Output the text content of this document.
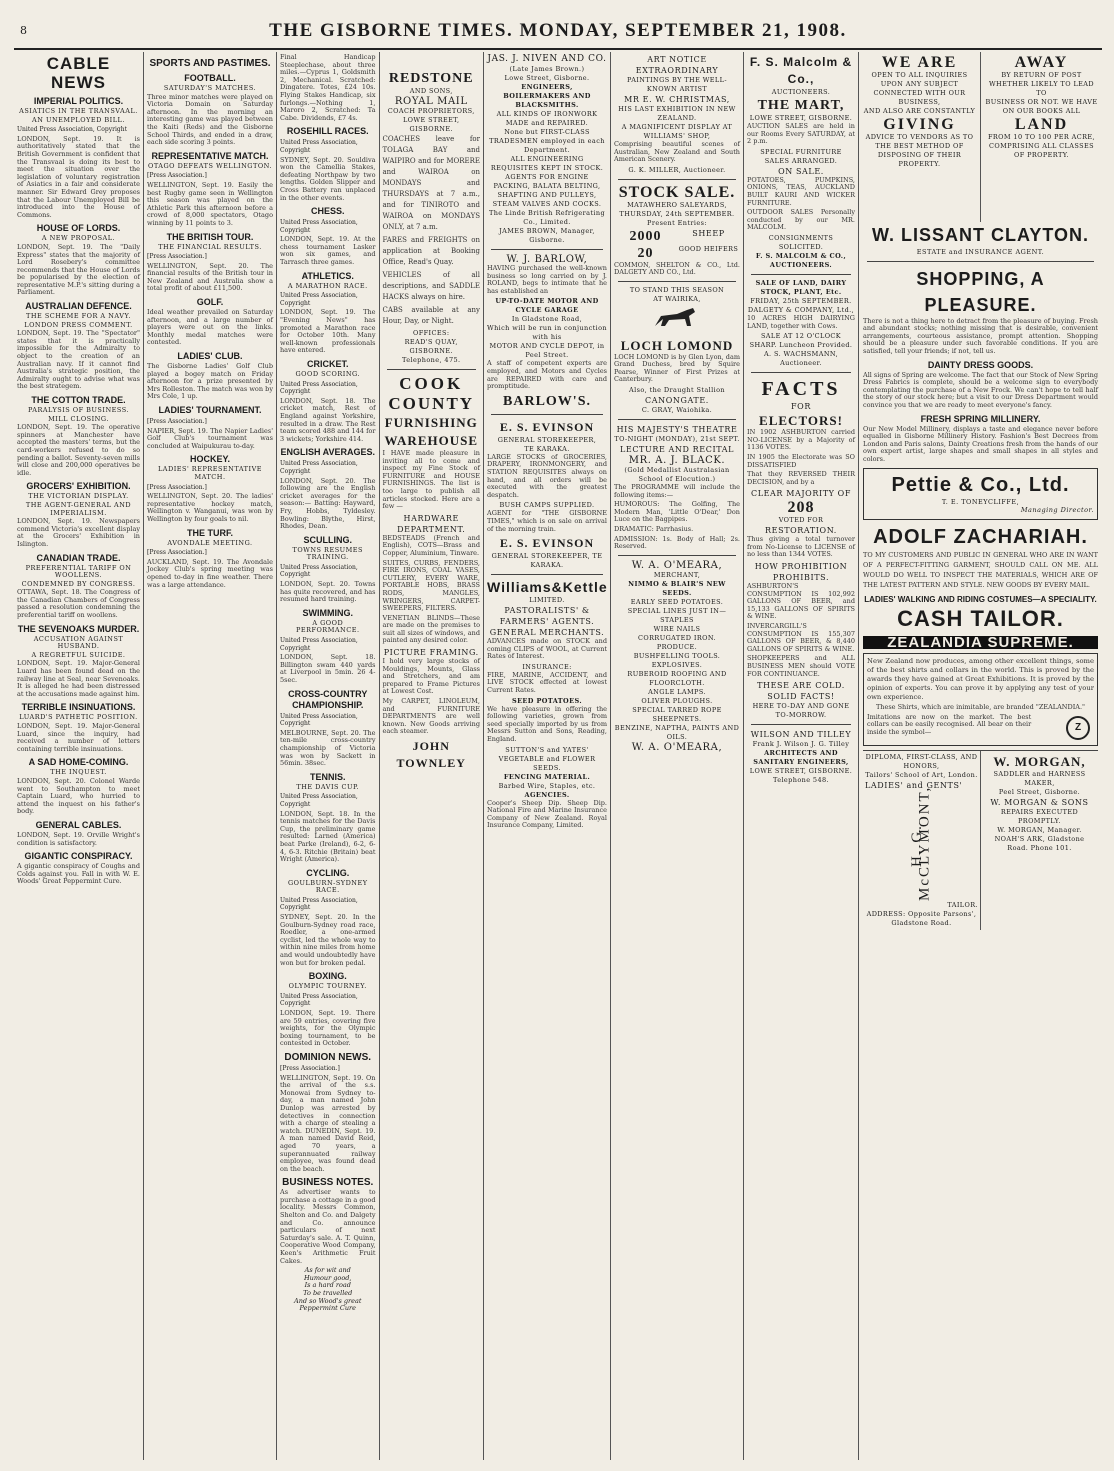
8	THE GISBORNE TIMES. MONDAY, SEPTEMBER 21, 1908.
CABLE NEWS
IMPERIAL POLITICS.
ASIATICS IN THE TRANSVAAL.
AN UNEMPLOYED BILL.
United Press Association, Copyright

LONDON, Sept. 19. It is authoritatively stated that the British Government is confident that the Transvaal is doing its best to meet the situation over the legislation of voluntary registration of Asiatics in a fair and considerate manner. Sir Edward Grey proposes that the Labour Unemployed Bill be introduced into the House of Commons.

HOUSE OF LORDS.
A NEW PROPOSAL.

LONDON, Sept. 19. The "Daily Express" states that the majority of Lord Rosebery's committee recommends that the House of Lords be popularised by the election of representative M.P.'s sitting during a Parliament.

AUSTRALIAN DEFENCE.
THE SCHEME FOR A NAVY.
LONDON PRESS COMMENT.

LONDON, Sept. 19. The "Spectator" states that it is practically impossible for the Admiralty to object to the creation of an Australian navy. If it cannot find Australia's strategic position, the Admiralty ought to advise what was the best strategem.

THE COTTON TRADE.
PARALYSIS OF BUSINESS.
MILL CLOSING.

LONDON, Sept. 19. The operative spinners at Manchester have accepted the masters' terms, but the card-workers refused to do so pending a ballot. Seventy-seven mills will close and 200,000 operatives be idle.

GROCERS' EXHIBITION.
THE VICTORIAN DISPLAY.
THE AGENT-GENERAL AND IMPERIALISM.

LONDON, Sept. 19. Newspapers commend Victoria's excellent display at the Grocers' Exhibition in Islington.

CANADIAN TRADE.
PREFERENTIAL TARIFF ON WOOLLENS.
CONDEMNED BY CONGRESS.

OTTAWA, Sept. 18. The Congress of the Canadian Chambers of Congress passed a resolution condemning the preferential tariff on woollens.

THE SEVENOAKS MURDER.
ACCUSATION AGAINST HUSBAND.
A REGRETFUL SUICIDE.

LONDON, Sept. 19. Major-General Luard has been found dead on the railway line at Seal, near Sevenoaks. It is alleged he had been distressed at the accusations made against him.

TERRIBLE INSINUATIONS.
LUARD'S PATHETIC POSITION.

LONDON, Sept. 19. Major-General Luard, since the inquiry, had received a number of letters containing terrible insinuations.

A SAD HOME-COMING.
THE INQUEST.

LONDON, Sept. 20. Colonel Warde went to Southampton to meet Captain Luard, who hurried to attend the inquest on his father's body.

GENERAL CABLES.

LONDON, Sept. 19. Orville Wright's condition is satisfactory.

GIGANTIC CONSPIRACY.

A gigantic conspiracy of Coughs and Colds against you. Fall in with W. E. Woods' Great Peppermint Cure.

SPORTS AND PASTIMES.
FOOTBALL.
SATURDAY'S MATCHES.

Three minor matches were played on Victoria Domain on Saturday afternoon. In the morning an interesting game was played between the Kaiti (Reds) and the Gisborne School Thirds, and ended in a draw, each side scoring 3 points.

REPRESENTATIVE MATCH.
OTAGO DEFEATS WELLINGTON.
[Press Association.]

WELLINGTON, Sept. 19. Easily the best Rugby game seen in Wellington this season was played on the Athletic Park this afternoon before a crowd of 8,000 spectators, Otago winning by 11 points to 3.

THE BRITISH TOUR.
THE FINANCIAL RESULTS.
[Press Association.]

WELLINGTON, Sept. 20. The financial results of the British tour in New Zealand and Australia show a total profit of about £11,500.

GOLF.

Ideal weather prevailed on Saturday afternoon, and a large number of players were out on the links. Monthly medal matches were contested.

LADIES' CLUB.

The Gisborne Ladies' Golf Club played a bogey match on Friday afternoon for a prize presented by Mrs Rolleston. The match was won by Mrs Cole, 1 up.

LADIES' TOURNAMENT.
[Press Association.]

NAPIER, Sept. 19. The Napier Ladies' Golf Club's tournament was concluded at Waipukurau to-day.

HOCKEY.
LADIES' REPRESENTATIVE MATCH.
[Press Association.]

WELLINGTON, Sept. 20. The ladies' representative hockey match, Wellington v. Wanganui, was won by Wellington by four goals to nil.

THE TURF.
AVONDALE MEETING.
[Press Association.]

AUCKLAND, Sept. 19. The Avondale Jockey Club's spring meeting was opened to-day in fine weather. There was a large attendance.

Final Handicap Steeplechase, about three miles.—Cyprus 1, Goldsmith 2, Mechanical. Scratched: Dingatere. Totes, £24 10s. Flying Stakes Handicap, six furlongs.—Nothing 1, Maroro 2, Scratched: Ta Cabe. Dividends, £7 4s.

ROSEHILL RACES.
United Press Association, Copyright

SYDNEY, Sept. 20. Souldiva won the Camellia Stakes, defeating Northpaw by two lengths. Golden Slipper and Cross Battery ran unplaced in the other events.

CHESS.
United Press Association, Copyright

LONDON, Sept. 19. At the chess tournament Lasker won six games, and Tarrasch three games.

ATHLETICS.
A MARATHON RACE.
United Press Association, Copyright

LONDON, Sept. 19. The "Evening News" has promoted a Marathon race for October 10th. Many well-known professionals have entered.

CRICKET.
GOOD SCORING.
United Press Association, Copyright

LONDON, Sept. 18. The cricket match, Rest of England against Yorkshire, resulted in a draw. The Rest team scored 488 and 144 for 3 wickets; Yorkshire 414.

ENGLISH AVERAGES.
United Press Association, Copyright

LONDON, Sept. 20. The following are the English cricket averages for the season:— Batting: Hayward, Fry, Hobbs, Tyldesley. Bowling: Blythe, Hirst, Rhodes, Dean.

SCULLING.
TOWNS RESUMES TRAINING.
United Press Association, Copyright

LONDON, Sept. 20. Towns has quite recovered, and has resumed hard training.

SWIMMING.
A GOOD PERFORMANCE.
United Press Association, Copyright

LONDON, Sept. 18. Billington swam 440 yards at Liverpool in 5min. 26 4-5sec.

CROSS-COUNTRY CHAMPIONSHIP.
United Press Association, Copyright

MELBOURNE, Sept. 20. The ten-mile cross-country championship of Victoria was won by Sackett in 56min. 38sec.

TENNIS.
THE DAVIS CUP.
United Press Association, Copyright

LONDON, Sept. 18. In the tennis matches for the Davis Cup, the preliminary game resulted: Larned (America) beat Parke (Ireland), 6-2, 6-4, 6-3. Ritchie (Britain) beat Wright (America).

CYCLING.
GOULBURN-SYDNEY RACE.
United Press Association, Copyright

SYDNEY, Sept. 20. In the Goulburn-Sydney road race, Roedler, a one-armed cyclist, led the whole way to within nine miles from home and would undoubtedly have won but for broken pedal.

BOXING.
OLYMPIC TOURNEY.
United Press Association, Copyright

LONDON, Sept. 19. There are 59 entries, covering five weights, for the Olympic boxing tournament, to be contested in October.

DOMINION NEWS.
[Press Association.]

WELLINGTON, Sept. 19. On the arrival of the s.s. Monowai from Sydney to-day, a man named John Dunlop was arrested by detectives in connection with a charge of stealing a watch. DUNEDIN, Sept. 19. A man named David Reid, aged 70 years, a superannuated railway employee, was found dead on the beach.

BUSINESS NOTES.

As advertiser wants to purchase a cottage in a good locality. Messrs Common, Shelton and Co. and Dalgety and Co. announce particulars of next Saturday's sale. A. T. Quinn, Cooperative Wood Company, Keen's Arithmetic Fruit Cakes.

As for wit and
Humour good,
Is a hard road
To be travelled
And so Wood's great
Peppermint Cure
REDSTONE
AND SONS,
ROYAL MAIL
COACH PROPRIETORS,
LOWE STREET,
GISBORNE.

COACHES leave for TOLAGA BAY and WAIPIRO and for MORERE and WAIROA on MONDAYS and THURSDAYS at 7 a.m., and for TINIROTO and WAIROA on MONDAYS ONLY, at 7 a.m.

FARES and FREIGHTS on application at Booking Office, Read's Quay.

VEHICLES of all descriptions, and SADDLE HACKS always on hire.

CABS available at any Hour, Day, or Night.

OFFICES:
READ'S QUAY, GISBORNE.
Telephone, 475.
COOK
COUNTY
FURNISHING
WAREHOUSE

I HAVE made pleasure in inviting all to come and inspect my Fine Stock of FURNITURE and HOUSE FURNISHINGS. The list is too large to publish all articles stocked. Here are a few —

HARDWARE DEPARTMENT.

BEDSTEADS (French and English), COTS—Brass and Copper, Aluminium, Tinware.

SUITES, CURBS, FENDERS, FIRE IRONS, COAL VASES, CUTLERY, EVERY WARE, PORTABLE HOBS, BRASS RODS, MANGLES, WRINGERS, CARPET-SWEEPERS, FILTERS.

VENETIAN BLINDS—These are made on the premises to suit all sizes of windows, and painted any desired color.

PICTURE FRAMING.

I hold very large stocks of Mouldings, Mounts, Glass and Stretchers, and am prepared to Frame Pictures at Lowest Cost.

My CARPET, LINOLEUM, and FURNITURE DEPARTMENTS are well known. New Goods arriving each steamer.

JOHN TOWNLEY
JAS. J. NIVEN AND CO.
(Late James Brown.)
Lowe Street, Gisborne.
ENGINEERS, BOILERMAKERS AND BLACKSMITHS.
ALL KINDS OF IRONWORK MADE and REPAIRED.
None but FIRST-CLASS TRADESMEN employed in each Department.
ALL ENGINEERING REQUISITES KEPT IN STOCK.
AGENTS FOR ENGINE PACKING, BALATA BELTING, SHAFTING AND PULLEYS, STEAM VALVES AND COCKS.
The Linde British Refrigerating Co., Limited.
JAMES BROWN, Manager, Gisborne.
W. J. BARLOW,

HAVING purchased the well-known business so long carried on by J. ROLAND, begs to intimate that he has established an

UP-TO-DATE MOTOR AND CYCLE GARAGE
In Gladstone Road,
Which will be run in conjunction with his
MOTOR AND CYCLE DEPOT, in Peel Street.

A staff of competent experts are employed, and Motors and Cycles are REPAIRED with care and promptitude.

BARLOW'S.
E. S. EVINSON
GENERAL STOREKEEPER,
TE KARAKA.

LARGE STOCKS of GROCERIES, DRAPERY, IRONMONGERY, and STATION REQUISITES always on hand, and all orders will be executed with the greatest despatch.

BUSH CAMPS SUPPLIED.

AGENT for "THE GISBORNE TIMES," which is on sale on arrival of the morning train.

E. S. EVINSON
GENERAL STOREKEEPER, TE KARAKA.
Williams&Kettle
LIMITED.
PASTORALISTS' & FARMERS' AGENTS.
GENERAL MERCHANTS.

ADVANCES made on STOCK and coming CLIPS of WOOL, at Current Rates of Interest.

INSURANCE:

FIRE, MARINE, ACCIDENT, and LIVE STOCK effected at lowest Current Rates.

SEED POTATOES.

We have pleasure in offering the following varieties, grown from seed specially imported by us from Messrs Sutton and Sons, Reading, England.

SUTTON'S and YATES' VEGETABLE and FLOWER SEEDS.
FENCING MATERIAL.
Barbed Wire, Staples, etc.
AGENCIES.

Cooper's Sheep Dip. Sheep Dip. National Fire and Marine Insurance Company of New Zealand. Royal Insurance Company, Limited.

ART NOTICE
EXTRAORDINARY
PAINTINGS BY THE WELL-KNOWN ARTIST
MR E. W. CHRISTMAS,
HIS LAST EXHIBITION IN NEW ZEALAND.
A MAGNIFICENT DISPLAY AT WILLIAMS' SHOP,

Comprising beautiful scenes of Australian, New Zealand and South American Scenery.

G. K. MILLER, Auctioneer.
STOCK SALE.
MATAWHERO SALEYARDS, THURSDAY, 24th SEPTEMBER.
Present Entries:
2000	SHEEP
20	GOOD HEIFERS

COMMON, SHELTON & CO., Ltd. DALGETY AND CO., Ltd.

TO STAND THIS SEASON
AT WAIRIKA,
LOCH LOMOND

LOCH LOMOND is by Glen Lyon, dam Grand Duchess, bred by Squire Pearse, Winner of First Prizes at Canterbury.

Also, the Draught Stallion
CANONGATE.
C. GRAY, Waiohika.
HIS MAJESTY'S THEATRE
TO-NIGHT (MONDAY), 21st SEPT.
LECTURE AND RECITAL
MR. A. J. BLACK.
(Gold Medallist Australasian School of Elocution.)

The PROGRAMME will include the following items:—

HUMOROUS: The Golfing, The Modern Man, 'Little O'Dear,' Don Luce on the Bagpipes.

DRAMATIC: Parrhasius.

ADMISSION: 1s. Body of Hall; 2s. Reserved.

W. A. O'MEARA,
MERCHANT,
NIMMO & BLAIR'S NEW SEEDS.
EARLY SEED POTATOES.
SPECIAL LINES JUST IN—
STAPLES
WIRE NAILS
CORRUGATED IRON.
PRODUCE.
BUSHFELLING TOOLS.
EXPLOSIVES.
RUBEROID ROOFING AND FLOORCLOTH.
ANGLE LAMPS.
OLIVER PLOUGHS.
SPECIAL TARRED ROPE SHEEPNETS.
BENZINE, NAPTHA, PAINTS AND OILS.
W. A. O'MEARA,
F. S. Malcolm & Co.,
AUCTIONEERS.
THE MART,
LOWE STREET, GISBORNE.

AUCTION SALES are held in our Rooms Every SATURDAY, at 2 p.m.

SPECIAL FURNITURE SALES ARRANGED.
ON SALE.

POTATOES, PUMPKINS, ONIONS, TEAS, AUCKLAND BUILT KAURI AND WICKER FURNITURE.

OUTDOOR SALES Personally conducted by our MR. MALCOLM.

CONSIGNMENTS SOLICITED.
F. S. MALCOLM & CO., AUCTIONEERS.
SALE OF LAND, DAIRY STOCK, PLANT, Etc.
FRIDAY, 25th SEPTEMBER.
DALGETY & COMPANY, Ltd.,

10 ACRES HIGH DAIRYING LAND, together with Cows.

SALE AT 12 O'CLOCK SHARP. Luncheon Provided.
A. S. WACHSMANN, Auctioneer.
FACTS
FOR
ELECTORS!

IN 1902 ASHBURTON carried NO-LICENSE by a Majority of 1136 VOTES.

IN 1905 the Electorate was SO DISSATISFIED

That they REVERSED THEIR DECISION, and by a

CLEAR MAJORITY OF
208
VOTED FOR
RESTORATION.

Thus giving a total turnover from No-License to LICENSE of no less than 1344 VOTES.

HOW PROHIBITION PROHIBITS.

ASHBURTON'S CONSUMPTION IS 102,992 GALLONS OF BEER, and 15,133 GALLONS OF SPIRITS & WINE.

INVERCARGILL'S CONSUMPTION IS 155,307 GALLONS OF BEER, & 8,440 GALLONS OF SPIRITS & WINE.

SHOPKEEPERS and ALL BUSINESS MEN should VOTE FOR CONTINUANCE.

THESE ARE COLD.
SOLID FACTS!
HERE TO-DAY AND GONE TO-MORROW.
WILSON AND TILLEY
Frank J. Wilson J. G. Tilley
ARCHITECTS AND SANITARY ENGINEERS,
LOWE STREET, GISBORNE.
Telephone 548.
WE ARE
OPEN TO ALL INQUIRIES
UPON ANY SUBJECT CONNECTED WITH OUR BUSINESS,
AND ALSO ARE CONSTANTLY
GIVING
ADVICE TO VENDORS AS TO THE BEST METHOD OF DISPOSING OF THEIR PROPERTY.
AWAY
BY RETURN OF POST WHETHER LIKELY TO LEAD TO
BUSINESS OR NOT. WE HAVE
ON OUR BOOKS ALL
LAND
FROM 10 TO 100 PER ACRE, COMPRISING ALL CLASSES OF PROPERTY.
W. LISSANT CLAYTON.
ESTATE and INSURANCE AGENT.
SHOPPING, A PLEASURE.

There is not a thing here to detract from the pleasure of buying. Fresh and abundant stocks; nothing missing that is desirable, convenient arrangements, courteous assistance, prompt attention. Shopping should be a pleasure under such favorable conditions. If you are satisfied, tell your friends; if not, tell us.

DAINTY DRESS GOODS.

All signs of Spring are welcome. The fact that our Stock of New Spring Dress Fabrics is complete, should be a welcome sign to everybody contemplating the purchase of a New Frock. We can't hope to tell half the story of our stock here; but a visit to our Dress Department would convince you that we are ready to meet everyone's fancy.

FRESH SPRING MILLINERY.

Our New Model Millinery, displays a taste and elegance never before equalled in Gisborne Millinery History. Fashion's Best Decrees from London and Paris salons, Dainty Creations fresh from the hands of our own expert artist, large shapes and small shapes in all styles and colors.

Pettie & Co., Ltd.
T. E. TONEYCLIFFE,
Managing Director.
ADOLF ZACHARIAH.

TO MY CUSTOMERS AND PUBLIC IN GENERAL WHO ARE IN WANT OF A PERFECT-FITTING GARMENT, SHOULD CALL ON ME. ALL WOULD DO WELL TO INSPECT THE MATERIALS, WHICH ARE OF THE LATEST PATTERN AND STYLE. NEW GOODS BY EVERY MAIL.

LADIES' WALKING AND RIDING COSTUMES—A SPECIALITY.
CASH TAILOR.
ZEALANDIA SUPREME.

New Zealand now produces, among other excellent things, some of the best shirts and collars in the world. This is proved by the awards they have gained at Great Exhibitions. It is proved by the opinion of experts. You can prove it by applying any test of your own experience.

These Shirts, which are inimitable, are branded "ZEALANDIA."

Imitations are now on the market. The best collars can be easily recognised. All bear on their inside the symbol—	Z
DIPLOMA, FIRST-CLASS, AND HONORS,
Tailors' School of Art, London.
LADIES' and GENTS'
H. G. McCLYMONT,
TAILOR.
ADDRESS: Opposite Parsons', Gladstone Road.
W. MORGAN,
SADDLER and HARNESS MAKER,
Peel Street, Gisborne.
W. MORGAN & SONS
REPAIRS EXECUTED PROMPTLY.
W. MORGAN, Manager.
NOAH'S ARK, Gladstone Road. Phone 101.
